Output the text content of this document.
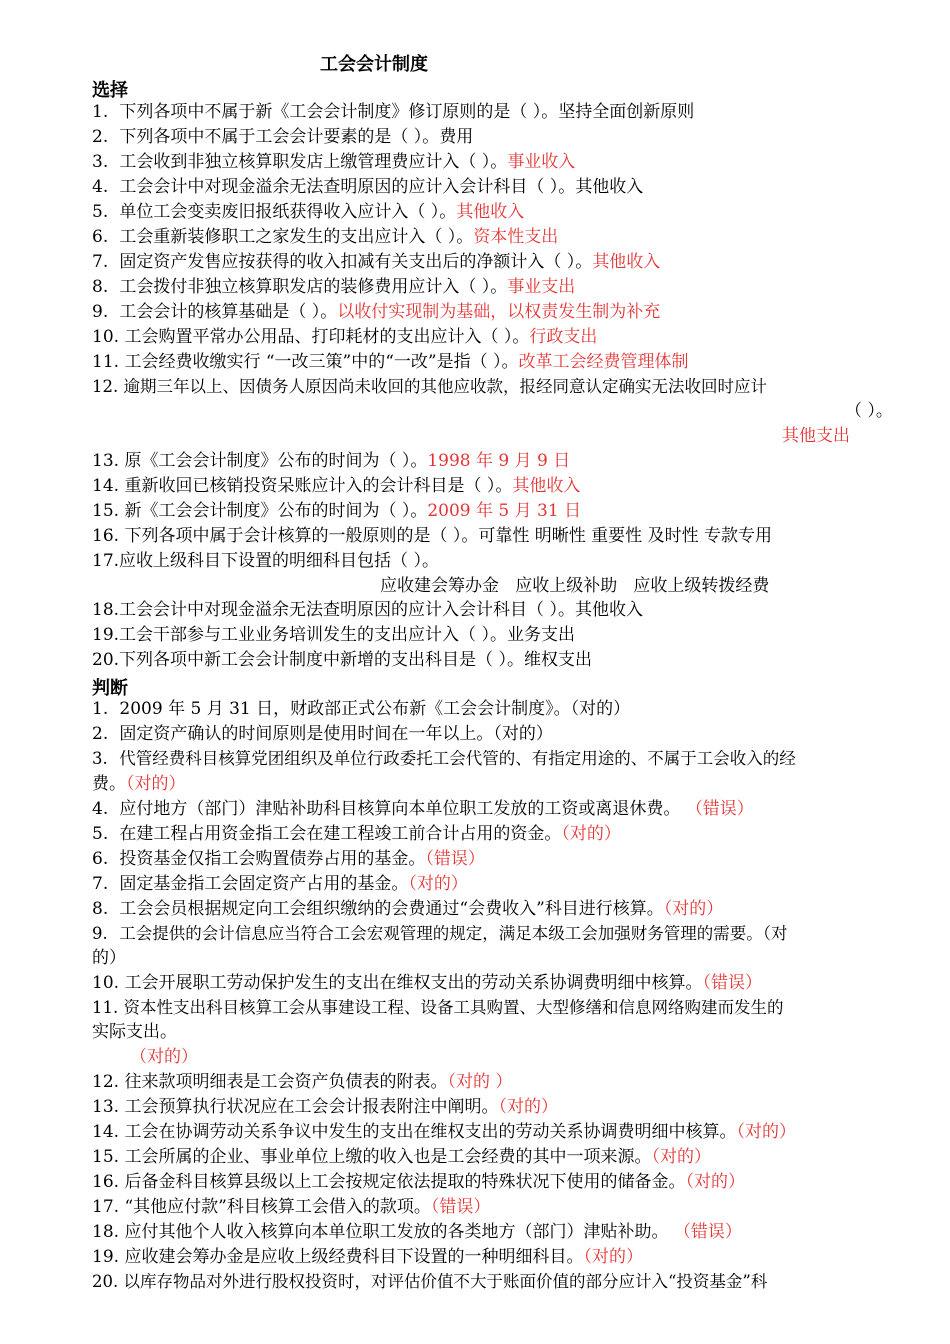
工会会计制度
选择
1. 下列各项中不属于新《工会会计制度》修订原则的是（ ）。坚持全面创新原则
2. 下列各项中不属于工会会计要素的是（ ）。费用
3. 工会收到非独立核算职发店上缴管理费应计入（ ）。事业收入
4. 工会会计中对现金溢余无法查明原因的应计入会计科目（ ）。其他收入
5. 单位工会变卖废旧报纸获得收入应计入（ ）。其他收入
6. 工会重新装修职工之家发生的支出应计入（ ）。资本性支出
7. 固定资产发售应按获得的收入扣减有关支出后的净额计入（ ）。其他收入
8. 工会拨付非独立核算职发店的装修费用应计入（ ）。事业支出
9. 工会会计的核算基础是（ ）。以收付实现制为基础，以权责发生制为补充
10. 工会购置平常办公用品、打印耗材的支出应计入（ ）。行政支出
11. 工会经费收缴实行 “一改三策”中的“一改”是指（ ）。改革工会经费管理体制
12. 逾期三年以上、因债务人原因尚未收回的其他应收款，报经同意认定确实无法收回时应计
（ ）。
其他支出
13. 原《工会会计制度》公布的时间为（ ）。1998 年 9 月 9 日
14. 重新收回已核销投资呆账应计入的会计科目是（ ）。其他收入
15. 新《工会会计制度》公布的时间为（ ）。2009 年 5 月 31 日
16. 下列各项中属于会计核算的一般原则的是（ ）。可靠性 明晰性 重要性 及时性 专款专用
17.应收上级科目下设置的明细科目包括（ ）。
应收建会筹办金   应收上级补助   应收上级转拨经费
18.工会会计中对现金溢余无法查明原因的应计入会计科目（ ）。其他收入
19.工会干部参与工业业务培训发生的支出应计入（ ）。业务支出
20.下列各项中新工会会计制度中新增的支出科目是（ ）。维权支出
判断
1. 2009 年 5 月 31 日，财政部正式公布新《工会会计制度》。（对的）
2. 固定资产确认的时间原则是使用时间在一年以上。（对的）
3. 代管经费科目核算党团组织及单位行政委托工会代管的、有指定用途的、不属于工会收入的经
费。（对的）
4. 应付地方（部门）津贴补助科目核算向本单位职工发放的工资或离退休费。 （错误）
5. 在建工程占用资金指工会在建工程竣工前合计占用的资金。（对的）
6. 投资基金仅指工会购置债券占用的基金。（错误）
7. 固定基金指工会固定资产占用的基金。（对的）
8. 工会会员根据规定向工会组织缴纳的会费通过“会费收入”科目进行核算。（对的）
9. 工会提供的会计信息应当符合工会宏观管理的规定，满足本级工会加强财务管理的需要。（对
的）
10. 工会开展职工劳动保护发生的支出在维权支出的劳动关系协调费明细中核算。（错误）
11. 资本性支出科目核算工会从事建设工程、设备工具购置、大型修缮和信息网络购建而发生的
实际支出。
（对的）
12. 往来款项明细表是工会资产负债表的附表。（对的 ）
13. 工会预算执行状况应在工会会计报表附注中阐明。（对的）
14. 工会在协调劳动关系争议中发生的支出在维权支出的劳动关系协调费明细中核算。（对的）
15. 工会所属的企业、事业单位上缴的收入也是工会经费的其中一项来源。（对的）
16. 后备金科目核算县级以上工会按规定依法提取的特殊状况下使用的储备金。（对的）
17. “其他应付款”科目核算工会借入的款项。（错误）
18. 应付其他个人收入核算向本单位职工发放的各类地方（部门）津贴补助。 （错误）
19. 应收建会筹办金是应收上级经费科目下设置的一种明细科目。（对的）
20. 以库存物品对外进行股权投资时，对评估价值不大于账面价值的部分应计入“投资基金”科
